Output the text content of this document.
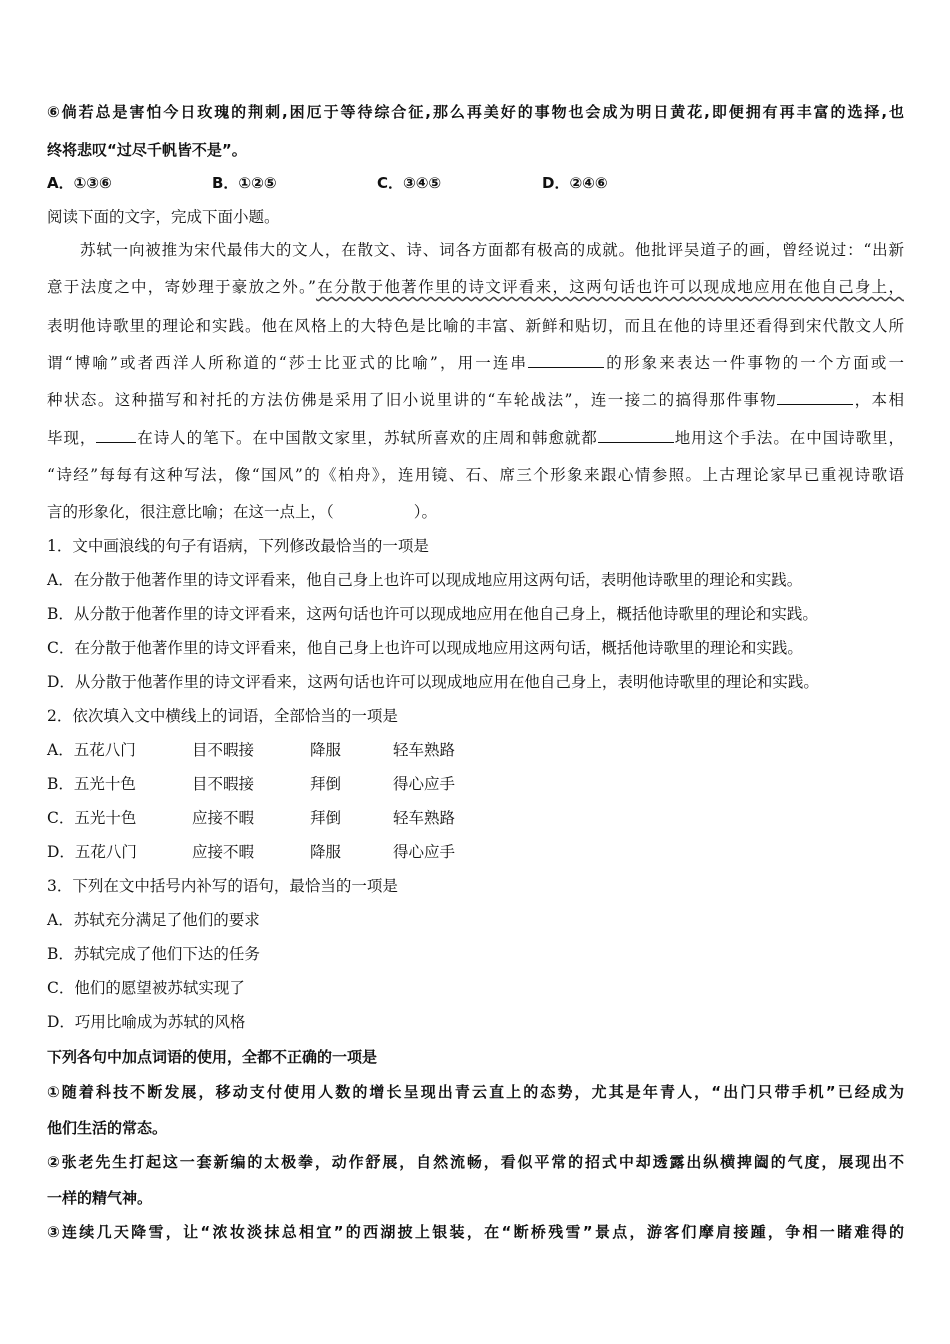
⑥倘若总是害怕今日玫瑰的荆刺,困厄于等待综合征,那么再美好的事物也会成为明日黄花,即便拥有再丰富的选择,也
终将悲叹“过尽千帆皆不是”。
A．①③⑥	B．①②⑤	C．③④⑤	D．②④⑥
阅读下面的文字，完成下面小题。
苏轼一向被推为宋代最伟大的文人，在散文、诗、词各方面都有极高的成就。他批评吴道子的画，曾经说过：“出新
意于法度之中，寄妙理于豪放之外。”在分散于他著作里的诗文评看来，这两句话也许可以现成地应用在他自己身上，
表明他诗歌里的理论和实践。他在风格上的大特色是比喻的丰富、新鲜和贴切，而且在他的诗里还看得到宋代散文人所
谓“博喻”或者西洋人所称道的“莎士比亚式的比喻”，用一连串	的形象来表达一件事物的一个方面或一
种状态。这种描写和衬托的方法仿佛是采用了旧小说里讲的“车轮战法”，连一接二的搞得那件事物	，本相
毕现，	在诗人的笔下。在中国散文家里，苏轼所喜欢的庄周和韩愈就都	地用这个手法。在中国诗歌里，
“诗经”每每有这种写法，像“国风”的《柏舟》，连用镜、石、席三个形象来跟心情参照。上古理论家早已重视诗歌语
言的形象化，很注意比喻；在这一点上，（	）。
1．文中画浪线的句子有语病，下列修改最恰当的一项是
A．在分散于他著作里的诗文评看来，他自己身上也许可以现成地应用这两句话，表明他诗歌里的理论和实践。
B．从分散于他著作里的诗文评看来，这两句话也许可以现成地应用在他自己身上，概括他诗歌里的理论和实践。
C．在分散于他著作里的诗文评看来，他自己身上也许可以现成地应用这两句话，概括他诗歌里的理论和实践。
D．从分散于他著作里的诗文评看来，这两句话也许可以现成地应用在他自己身上，表明他诗歌里的理论和实践。
2．依次填入文中横线上的词语，全部恰当的一项是
A．五花八门	目不暇接	降服	轻车熟路
B．五光十色	目不暇接	拜倒	得心应手
C．五光十色	应接不暇	拜倒	轻车熟路
D．五花八门	应接不暇	降服	得心应手
3．下列在文中括号内补写的语句，最恰当的一项是
A．苏轼充分满足了他们的要求
B．苏轼完成了他们下达的任务
C．他们的愿望被苏轼实现了
D．巧用比喻成为苏轼的风格
下列各句中加点词语的使用，全都不正确的一项是
①随着科技不断发展，移动支付使用人数的增长呈现出青云直上的态势，尤其是年青人，“出门只带手机”已经成为
他们生活的常态。
②张老先生打起这一套新编的太极拳，动作舒展，自然流畅，看似平常的招式中却透露出纵横捭阖的气度，展现出不
一样的精气神。
③连续几天降雪，让“浓妆淡抹总相宜”的西湖披上银装，在“断桥残雪”景点，游客们摩肩接踵，争相一睹难得的
